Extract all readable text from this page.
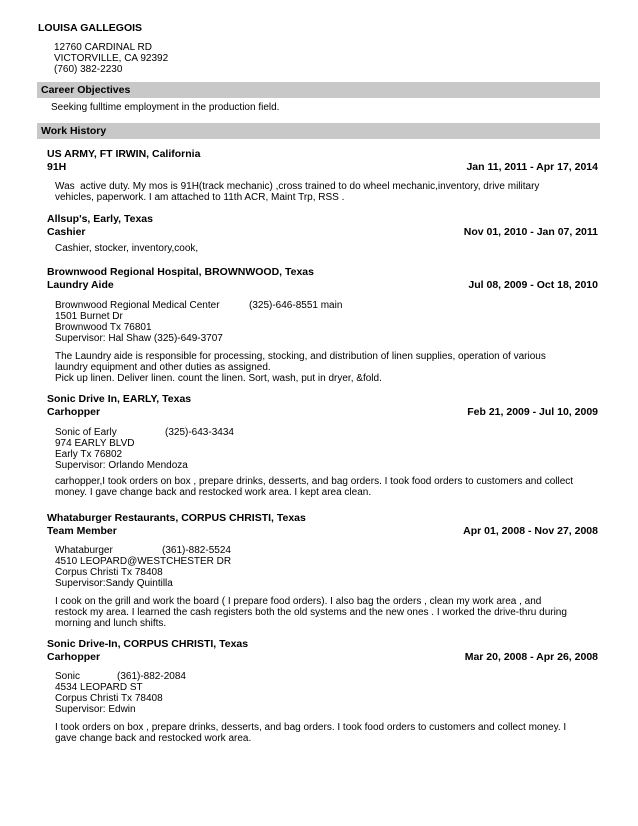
LOUISA GALLEGOIS
12760 CARDINAL RD
VICTORVILLE, CA 92392
(760) 382-2230
Career Objectives
Seeking fulltime employment in the production field.
Work History
US ARMY, FT IRWIN, California
91H	Jan 11, 2011 - Apr 17, 2014
Was  active duty. My mos is 91H(track mechanic) ,cross trained to do wheel mechanic,inventory, drive military
vehicles, paperwork. I am attached to 11th ACR, Maint Trp, RSS .
Allsup's, Early, Texas
Cashier	Nov 01, 2010 - Jan 07, 2011
Cashier, stocker, inventory,cook,
Brownwood Regional Hospital, BROWNWOOD, Texas
Laundry Aide	Jul 08, 2009 - Oct 18, 2010
Brownwood Regional Medical Center
1501 Burnet Dr
Brownwood Tx 76801
Supervisor: Hal Shaw (325)-649-3707
(325)-646-8551 main
The Laundry aide is responsible for processing, stocking, and distribution of linen supplies, operation of various
laundry equipment and other duties as assigned.
Pick up linen. Deliver linen. count the linen. Sort, wash, put in dryer, &fold.
Sonic Drive In, EARLY, Texas
Carhopper	Feb 21, 2009 - Jul 10, 2009
Sonic of Early
974 EARLY BLVD
Early Tx 76802
Supervisor: Orlando Mendoza
(325)-643-3434
carhopper,I took orders on box , prepare drinks, desserts, and bag orders. I took food orders to customers and collect
money. I gave change back and restocked work area. I kept area clean.
Whataburger Restaurants, CORPUS CHRISTI, Texas
Team Member	Apr 01, 2008 - Nov 27, 2008
Whataburger
4510 LEOPARD@WESTCHESTER DR
Corpus Christi Tx 78408
Supervisor:Sandy Quintilla
(361)-882-5524
I cook on the grill and work the board ( I prepare food orders). I also bag the orders , clean my work area , and
restock my area. I learned the cash registers both the old systems and the new ones . I worked the drive-thru during
morning and lunch shifts.
Sonic Drive-In, CORPUS CHRISTI, Texas
Carhopper	Mar 20, 2008 - Apr 26, 2008
Sonic
4534 LEOPARD ST
Corpus Christi Tx 78408
Supervisor: Edwin
(361)-882-2084
I took orders on box , prepare drinks, desserts, and bag orders. I took food orders to customers and collect money. I
gave change back and restocked work area.
